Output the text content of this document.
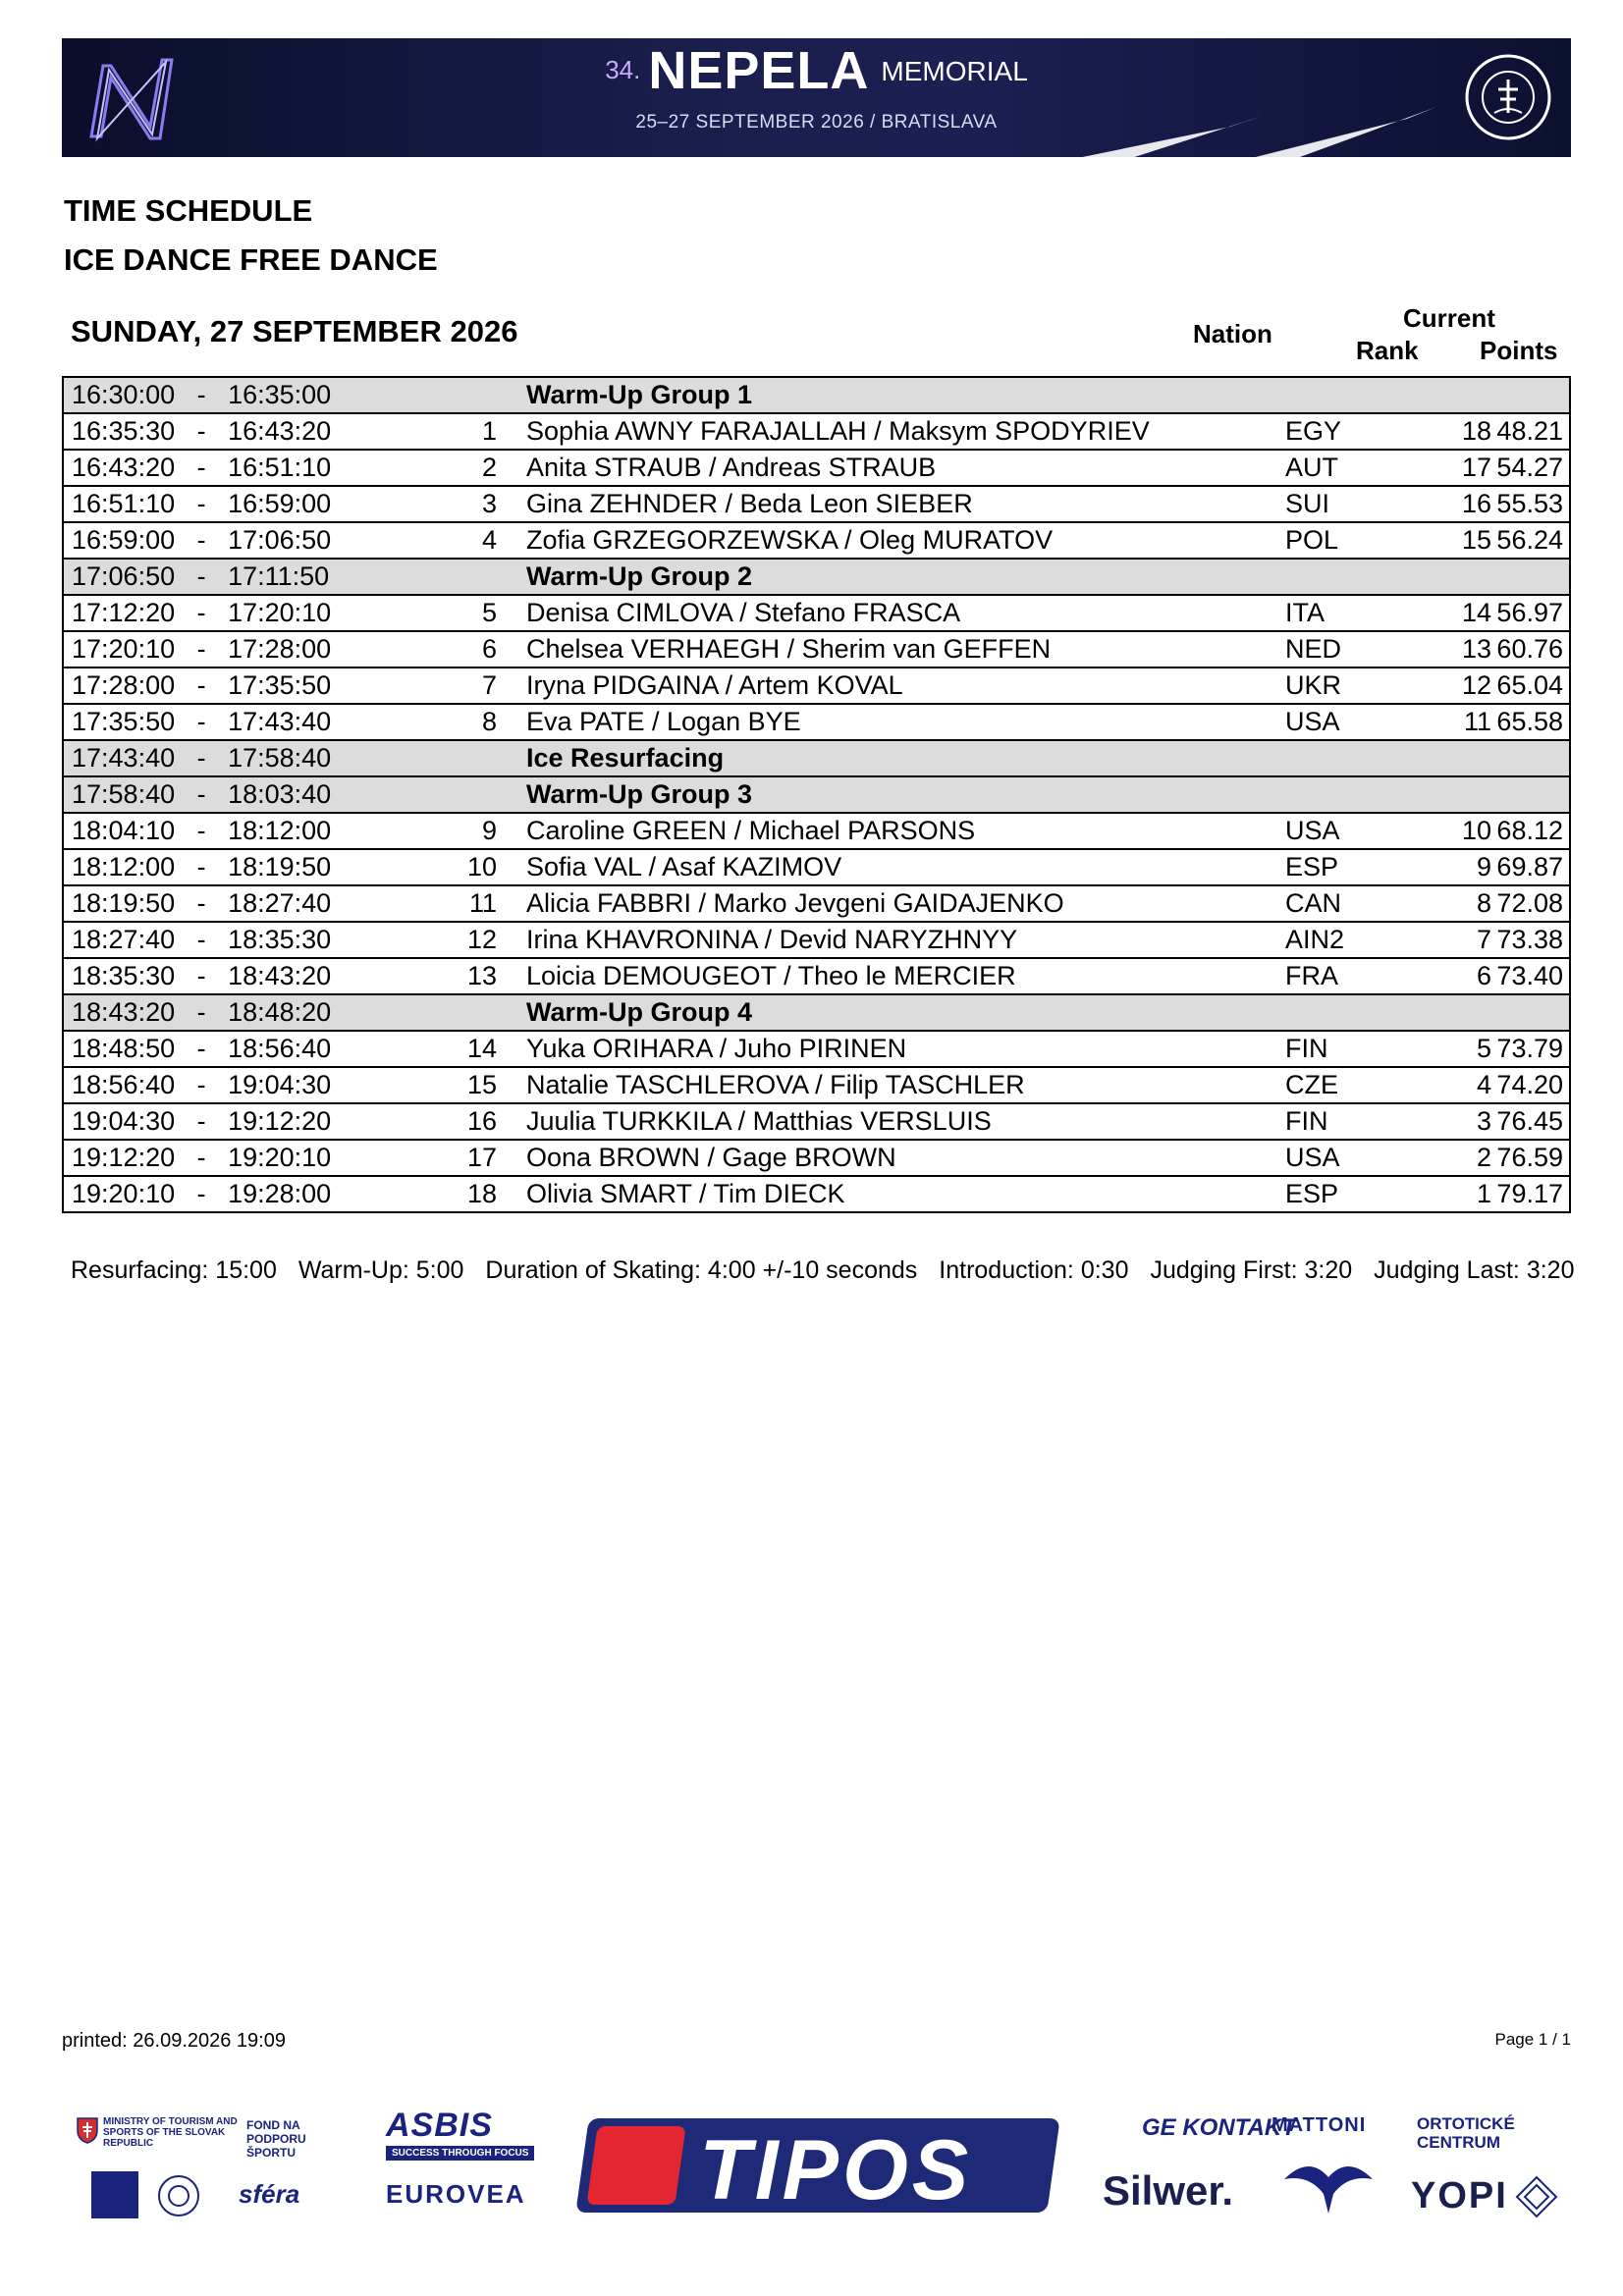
34. NEPELA MEMORIAL
25–27 SEPTEMBER 2026 / BRATISLAVA
TIME SCHEDULE
ICE DANCE FREE DANCE
SUNDAY, 27 SEPTEMBER 2026	Nation
Current
Rank Points
16:30:00   -   16:35:00		Warm-Up Group 1			
16:35:30   -   16:43:20	1	Sophia AWNY FARAJALLAH / Maksym SPODYRIEV	EGY	18	48.21
16:43:20   -   16:51:10	2	Anita STRAUB / Andreas STRAUB	AUT	17	54.27
16:51:10   -   16:59:00	3	Gina ZEHNDER / Beda Leon SIEBER	SUI	16	55.53
16:59:00   -   17:06:50	4	Zofia GRZEGORZEWSKA / Oleg MURATOV	POL	15	56.24
17:06:50   -   17:11:50		Warm-Up Group 2			
17:12:20   -   17:20:10	5	Denisa CIMLOVA / Stefano FRASCA	ITA	14	56.97
17:20:10   -   17:28:00	6	Chelsea VERHAEGH / Sherim van GEFFEN	NED	13	60.76
17:28:00   -   17:35:50	7	Iryna PIDGAINA / Artem KOVAL	UKR	12	65.04
17:35:50   -   17:43:40	8	Eva PATE / Logan BYE	USA	11	65.58
17:43:40   -   17:58:40		Ice Resurfacing			
17:58:40   -   18:03:40		Warm-Up Group 3			
18:04:10   -   18:12:00	9	Caroline GREEN / Michael PARSONS	USA	10	68.12
18:12:00   -   18:19:50	10	Sofia VAL / Asaf KAZIMOV	ESP	9	69.87
18:19:50   -   18:27:40	11	Alicia FABBRI / Marko Jevgeni GAIDAJENKO	CAN	8	72.08
18:27:40   -   18:35:30	12	Irina KHAVRONINA / Devid NARYZHNYY	AIN2	7	73.38
18:35:30   -   18:43:20	13	Loicia DEMOUGEOT / Theo le MERCIER	FRA	6	73.40
18:43:20   -   18:48:20		Warm-Up Group 4			
18:48:50   -   18:56:40	14	Yuka ORIHARA / Juho PIRINEN	FIN	5	73.79
18:56:40   -   19:04:30	15	Natalie TASCHLEROVA / Filip TASCHLER	CZE	4	74.20
19:04:30   -   19:12:20	16	Juulia TURKKILA / Matthias VERSLUIS	FIN	3	76.45
19:12:20   -   19:20:10	17	Oona BROWN / Gage BROWN	USA	2	76.59
19:20:10   -   19:28:00	18	Olivia SMART / Tim DIECK	ESP	1	79.17
Resurfacing: 15:00 Warm-Up: 5:00 Duration of Skating: 4:00 +/-10 seconds Introduction: 0:30 Judging First: 3:20 Judging Last: 3:20
printed: 26.09.2026 19:09	Page 1 / 1
MINISTRY OF TOURISM AND SPORTS OF THE SLOVAK REPUBLIC
FOND NA PODPORU ŠPORTU
sféra
ASBIS
SUCCESS THROUGH FOCUS
EUROVEA TIPOS	GE KONTAKT
Silwer.
MATTONI	ORTOTICKÉ CENTRUM
YOPI
